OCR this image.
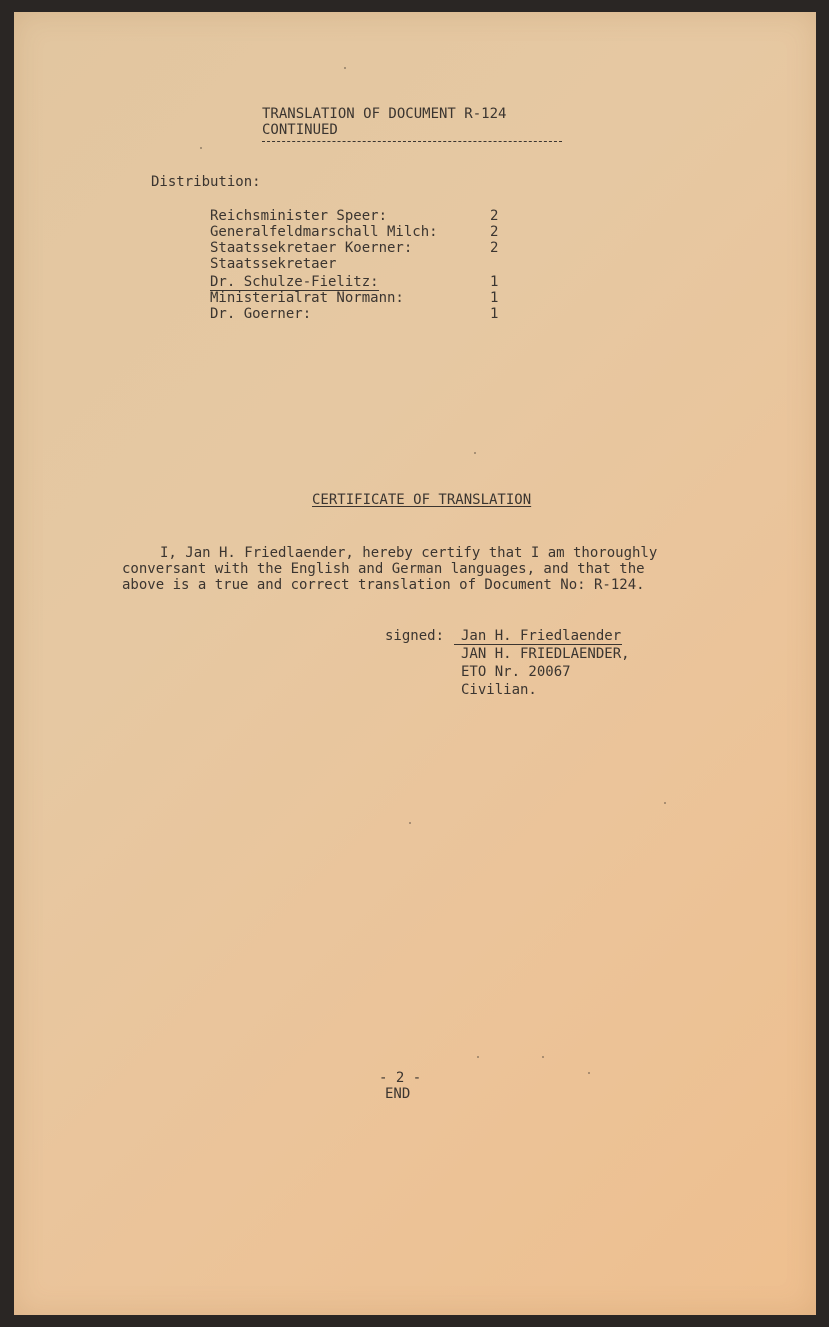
TRANSLATION OF DOCUMENT R-124
CONTINUED
Distribution:
Reichsminister Speer:	2
Generalfeldmarschall Milch:	2
Staatssekretaer Koerner:	2
Staatssekretaer
Dr. Schulze-Fielitz:	1
Ministerialrat Normann:	1
Dr. Goerner:	1
CERTIFICATE OF TRANSLATION
I, Jan H. Friedlaender, hereby certify that I am thoroughly
conversant with the English and German languages, and that the
above is a true and correct translation of Document No: R-124.
signed: Jan H. Friedlaender
JAN H. FRIEDLAENDER,
ETO Nr. 20067
Civilian.
- 2 -
END
